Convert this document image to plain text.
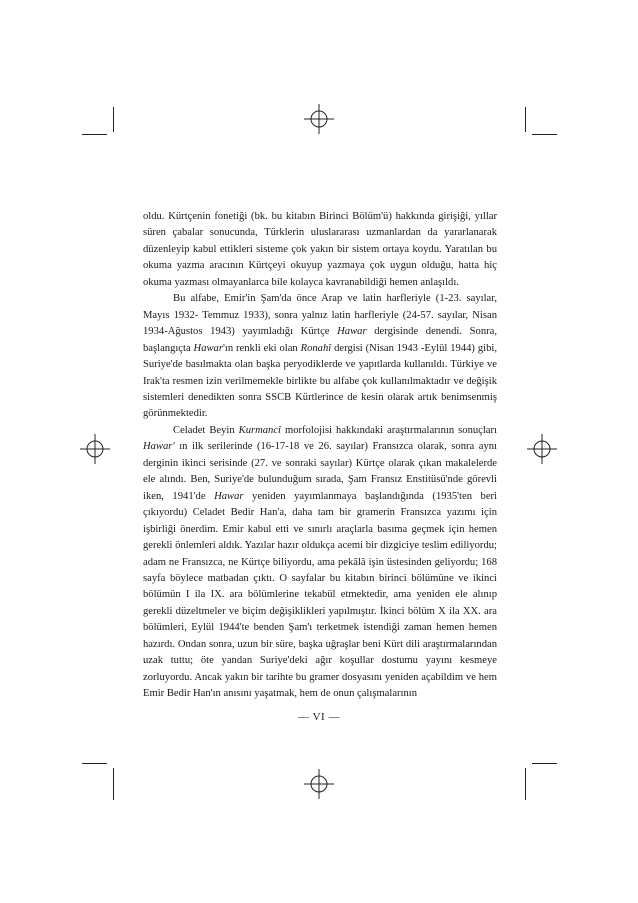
oldu. Kürtçenin fonetiği (bk. bu kitabın Birinci Bölüm'ü) hakkında girişiği, yıllar süren çabalar sonucunda, Türklerin uluslararası uzmanlardan da yararlanarak düzenleyip kabul ettikleri sisteme çok yakın bir sistem ortaya koydu. Yaratılan bu okuma yazma aracının Kürtçeyi okuyup yazmaya çok uygun olduğu, hatta hiç okuma yazması olmayanlarca bile kolayca kavranabildiği hemen anlaşıldı.

Bu alfabe, Emir'in Şam'da önce Arap ve latin harfleriyle (1-23. sayılar, Mayıs 1932- Temmuz 1933), sonra yalnız latin harfleriyle (24-57. sayılar, Nisan 1934-Ağustos 1943) yayımladığı Kürtçe Hawar dergisinde denendi. Sonra, başlangıçta Hawar'ın renkli eki olan Ronahî dergisi (Nisan 1943 -Eylül 1944) gibi, Suriye'de basılmakta olan başka peryodiklerde ve yapıtlarda kullanıldı. Türkiye ve Irak'ta resmen izin verilmemekle birlikte bu alfabe çok kullanılmaktadır ve değişik sistemleri denedikten sonra SSCB Kürtlerince de kesin olarak artık benimsenmiş görünmektedir.

Celadet Beyin Kurmancî morfolojisi hakkındaki araştırmalarının sonuçları Hawar' ın ilk serilerinde (16-17-18 ve 26. sayılar) Fransızca olarak, sonra aynı derginin ikinci serisinde (27. ve sonraki sayılar) Kürtçe olarak çıkan makalelerde ele alındı. Ben, Suriye'de bulunduğum sırada, Şam Fransız Enstitüsü'nde görevli iken, 1941'de Hawar yeniden yayımlanmaya başlandığında (1935'ten beri çıkıyordu) Celadet Bedir Han'a, daha tam bir gramerin Fransızca yazımı için işbirliği önerdim. Emir kabul etti ve sınırlı araçlarla basıma geçmek için hemen gerekli önlemleri aldık. Yazılar hazır oldukça acemi bir dizgiciye teslim ediliyordu; adam ne Fransızca, ne Kürtçe biliyordu, ama pekâlâ işin üstesinden geliyordu; 168 sayfa böylece matbadan çıktı. O sayfalar bu kitabın birinci bölümüne ve ikinci bölümün I ila IX. ara bölümlerine tekabül etmektedir, ama yeniden ele alınıp gerekli düzeltmeler ve biçim değişiklikleri yapılmıştır. İkinci bölüm X ila XX. ara bölümleri, Eylül 1944'te benden Şam'ı terketmek istendiği zaman hemen hemen hazırdı. Ondan sonra, uzun bir süre, başka uğraşlar beni Kürt dili araştırmalarından uzak tuttu; öte yandan Suriye'deki ağır koşullar dostumu yayını kesmeye zorluyordu. Ancak yakın bir tarihte bu gramer dosyasını yeniden açabildim ve hem Emir Bedir Han'ın anısını yaşatmak, hem de onun çalışmalarının

— VI —
